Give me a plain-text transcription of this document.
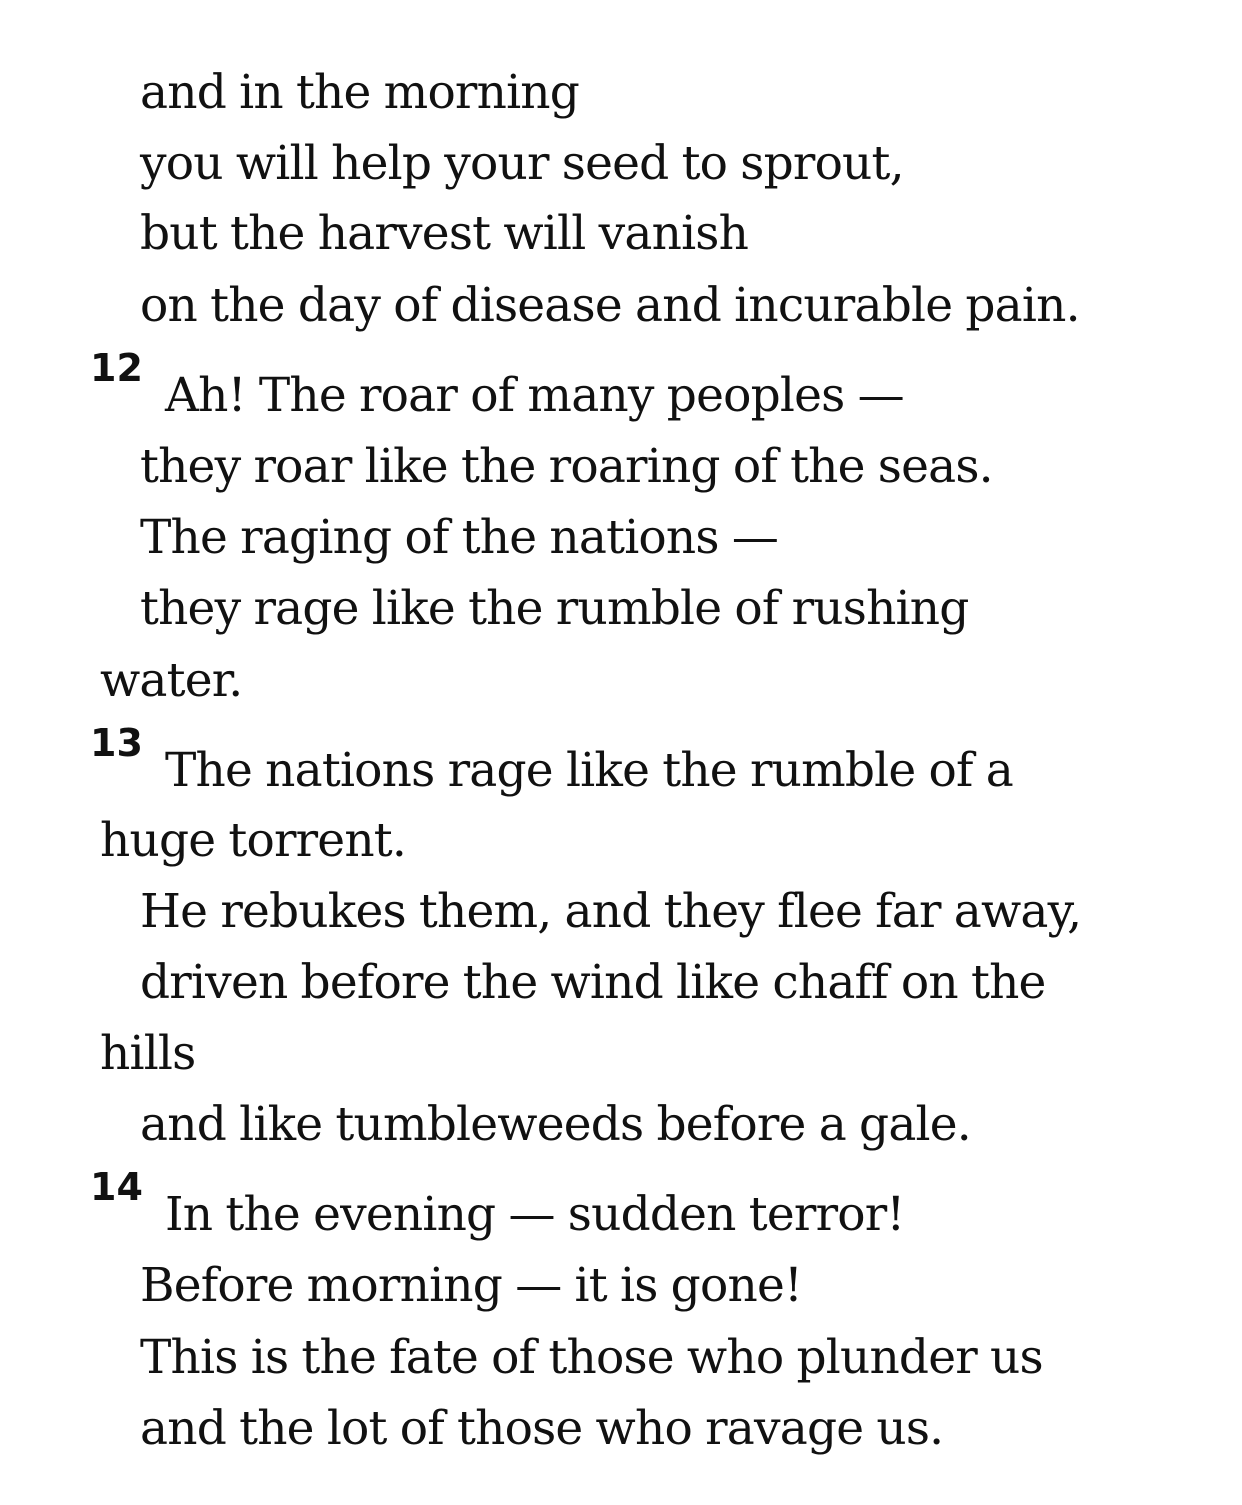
and in the morning
you will help your seed to sprout,
but the harvest will vanish
on the day of disease and incurable pain.
12 Ah! The roar of many peoples —
they roar like the roaring of the seas.
The raging of the nations —
they rage like the rumble of rushing
water.
13 The nations rage like the rumble of a
huge torrent.
He rebukes them, and they flee far away,
driven before the wind like chaff on the
hills
and like tumbleweeds before a gale.
14 In the evening — sudden terror!
Before morning — it is gone!
This is the fate of those who plunder us
and the lot of those who ravage us.
